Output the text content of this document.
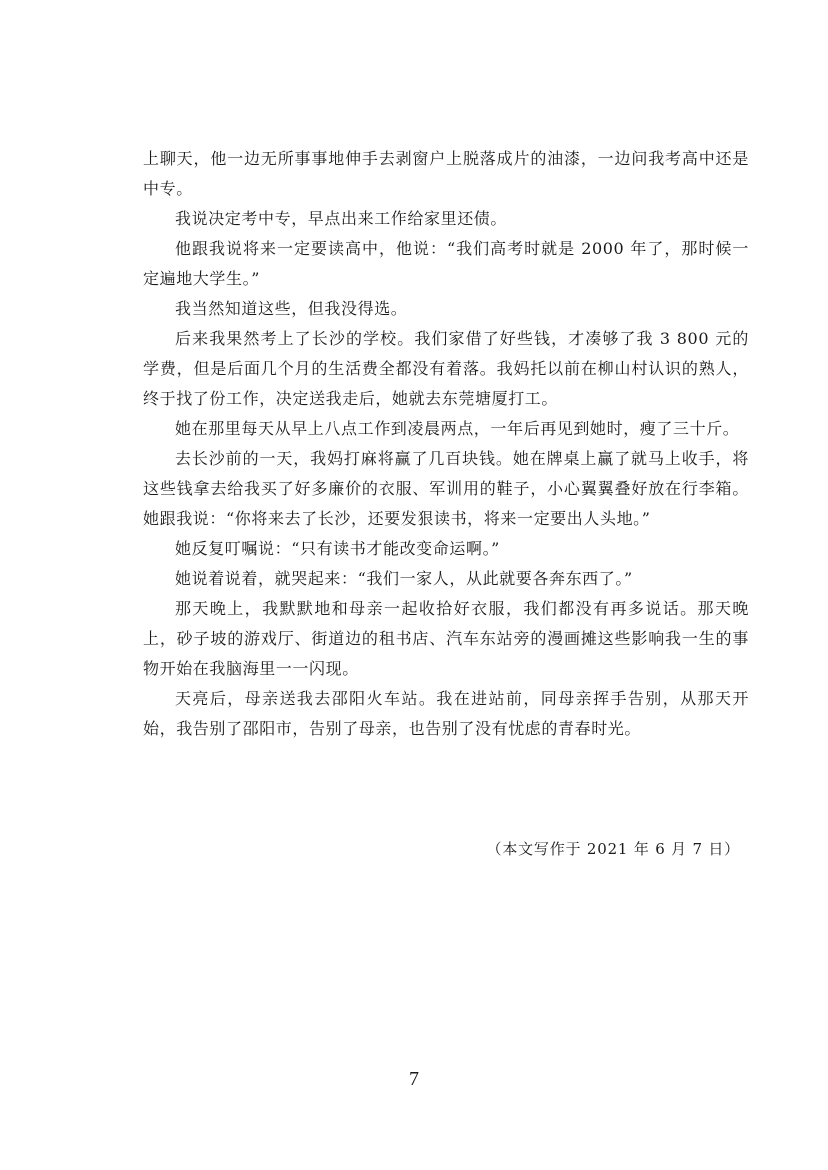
上聊天，他一边无所事事地伸手去剥窗户上脱落成片的油漆，一边问我考高中还是中专。

我说决定考中专，早点出来工作给家里还债。

他跟我说将来一定要读高中，他说：“我们高考时就是 2000 年了，那时候一定遍地大学生。”

我当然知道这些，但我没得选。

后来我果然考上了长沙的学校。我们家借了好些钱，才凑够了我 3 800 元的学费，但是后面几个月的生活费全都没有着落。我妈托以前在柳山村认识的熟人，终于找了份工作，决定送我走后，她就去东莞塘厦打工。

她在那里每天从早上八点工作到凌晨两点，一年后再见到她时，瘦了三十斤。

去长沙前的一天，我妈打麻将赢了几百块钱。她在牌桌上赢了就马上收手，将这些钱拿去给我买了好多廉价的衣服、军训用的鞋子，小心翼翼叠好放在行李箱。她跟我说：“你将来去了长沙，还要发狠读书，将来一定要出人头地。”

她反复叮嘱说：“只有读书才能改变命运啊。”

她说着说着，就哭起来：“我们一家人，从此就要各奔东西了。”

那天晚上，我默默地和母亲一起收拾好衣服，我们都没有再多说话。那天晚上，砂子坡的游戏厅、街道边的租书店、汽车东站旁的漫画摊这些影响我一生的事物开始在我脑海里一一闪现。

天亮后，母亲送我去邵阳火车站。我在进站前，同母亲挥手告别，从那天开始，我告别了邵阳市，告别了母亲，也告别了没有忧虑的青春时光。

（本文写作于 2021 年 6 月 7 日）
7
